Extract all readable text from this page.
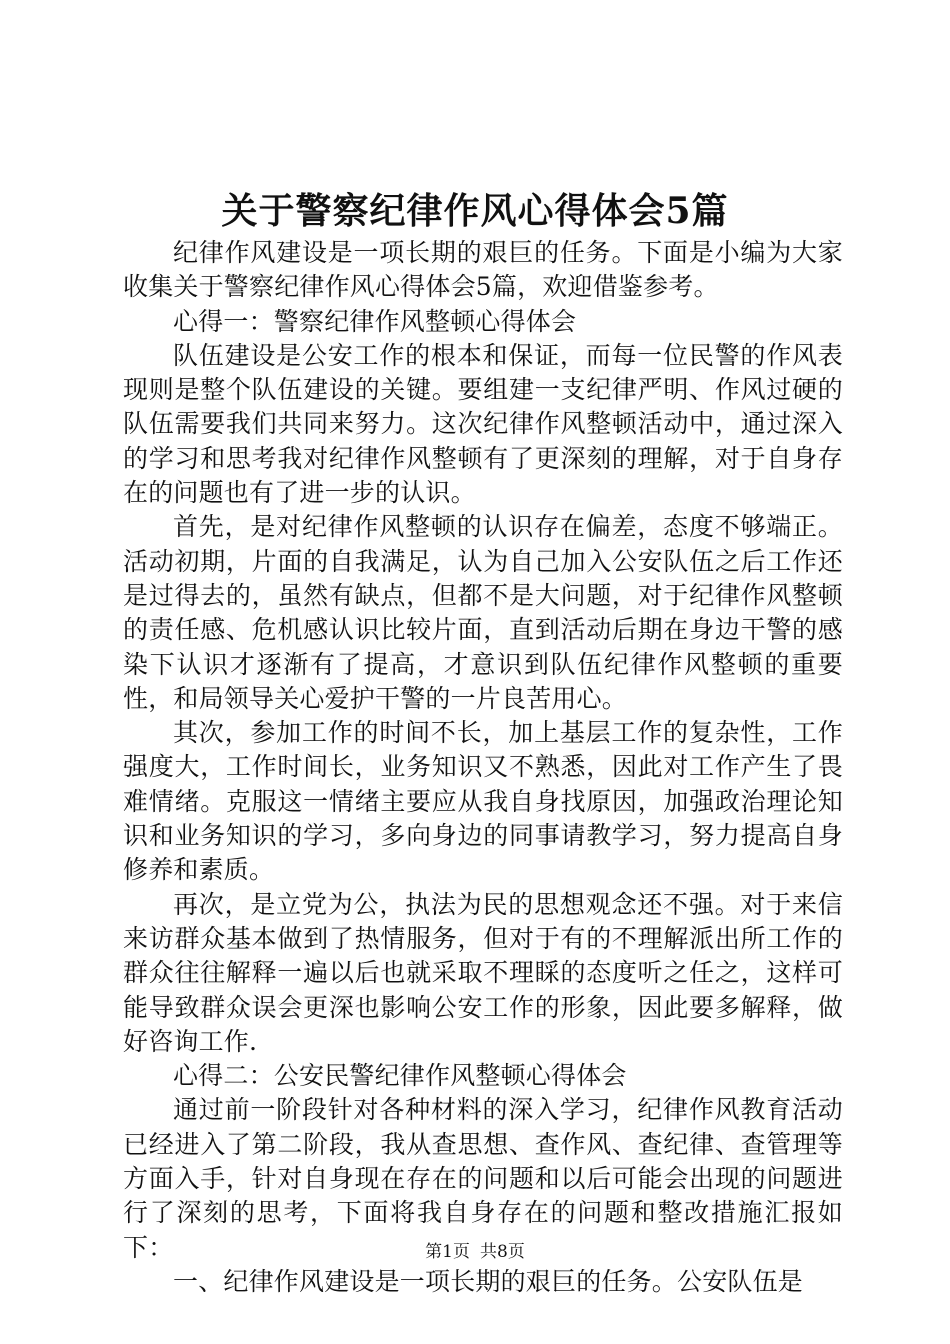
关于警察纪律作风心得体会5篇

纪律作风建设是一项长期的艰巨的任务。下面是小编为大家收集关于警察纪律作风心得体会5篇，欢迎借鉴参考。

心得一：警察纪律作风整顿心得体会

队伍建设是公安工作的根本和保证，而每一位民警的作风表现则是整个队伍建设的关键。要组建一支纪律严明、作风过硬的队伍需要我们共同来努力。这次纪律作风整顿活动中，通过深入的学习和思考我对纪律作风整顿有了更深刻的理解，对于自身存在的问题也有了进一步的认识。

首先，是对纪律作风整顿的认识存在偏差，态度不够端正。活动初期，片面的自我满足，认为自己加入公安队伍之后工作还是过得去的，虽然有缺点，但都不是大问题，对于纪律作风整顿的责任感、危机感认识比较片面，直到活动后期在身边干警的感染下认识才逐渐有了提高，才意识到队伍纪律作风整顿的重要性，和局领导关心爱护干警的一片良苦用心。

其次，参加工作的时间不长，加上基层工作的复杂性，工作强度大，工作时间长，业务知识又不熟悉，因此对工作产生了畏难情绪。克服这一情绪主要应从我自身找原因，加强政治理论知识和业务知识的学习，多向身边的同事请教学习，努力提高自身修养和素质。

再次，是立党为公，执法为民的思想观念还不强。对于来信来访群众基本做到了热情服务，但对于有的不理解派出所工作的群众往往解释一遍以后也就采取不理睬的态度听之任之，这样可能导致群众误会更深也影响公安工作的形象，因此要多解释，做好咨询工作.

心得二：公安民警纪律作风整顿心得体会

通过前一阶段针对各种材料的深入学习，纪律作风教育活动已经进入了第二阶段，我从查思想、查作风、查纪律、查管理等方面入手，针对自身现在存在的问题和以后可能会出现的问题进行了深刻的思考，下面将我自身存在的问题和整改措施汇报如下：

一、纪律作风建设是一项长期的艰巨的任务。公安队伍是

第1页 共8页
